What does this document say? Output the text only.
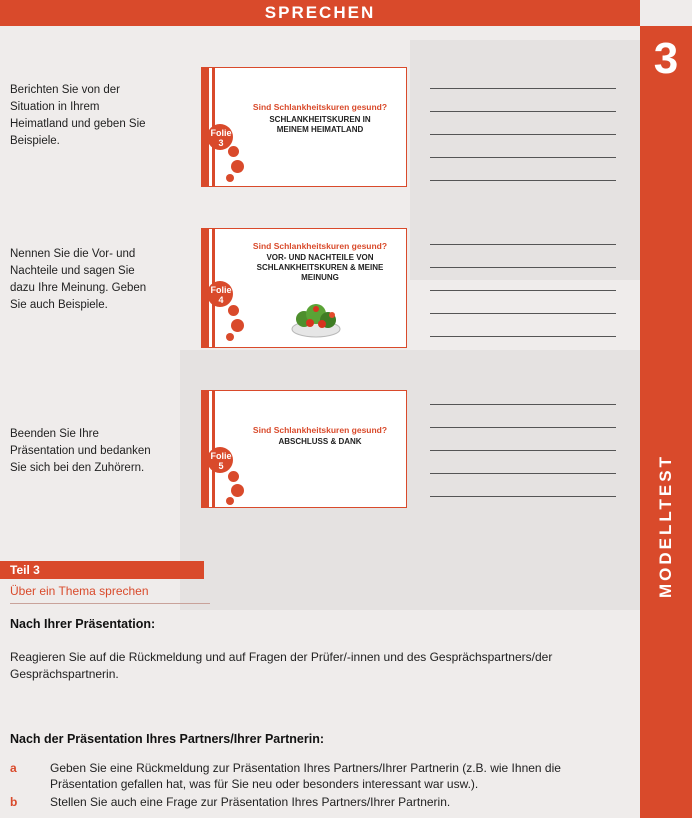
SPRECHEN
3
MODELLTEST
Berichten Sie von der Situation in Ihrem Heimatland und geben Sie Beispiele.
Folie
3
Sind Schlankheitskuren gesund?
SCHLANKHEITSKUREN IN MEINEM HEIMATLAND
Nennen Sie die Vor- und Nachteile und sagen Sie dazu Ihre Meinung. Geben Sie auch Beispiele.
Folie
4
Sind Schlankheitskuren gesund?
VOR- UND NACHTEILE VON SCHLANKHEITSKUREN & MEINE MEINUNG
Beenden Sie Ihre Präsentation und bedanken Sie sich bei den Zuhörern.
Folie
5
Sind Schlankheitskuren gesund?
ABSCHLUSS & DANK
Teil 3
Über ein Thema sprechen
Nach Ihrer Präsentation:
Reagieren Sie auf die Rückmeldung und auf Fragen der Prüfer/-innen und des Gesprächspartners/der Gesprächspartnerin.
Nach der Präsentation Ihres Partners/Ihrer Partnerin:
a	Geben Sie eine Rückmeldung zur Präsentation Ihres Partners/Ihrer Partnerin (z.B. wie Ihnen die Präsentation gefallen hat, was für Sie neu oder besonders interessant war usw.).
b	Stellen Sie auch eine Frage zur Präsentation Ihres Partners/Ihrer Partnerin.
